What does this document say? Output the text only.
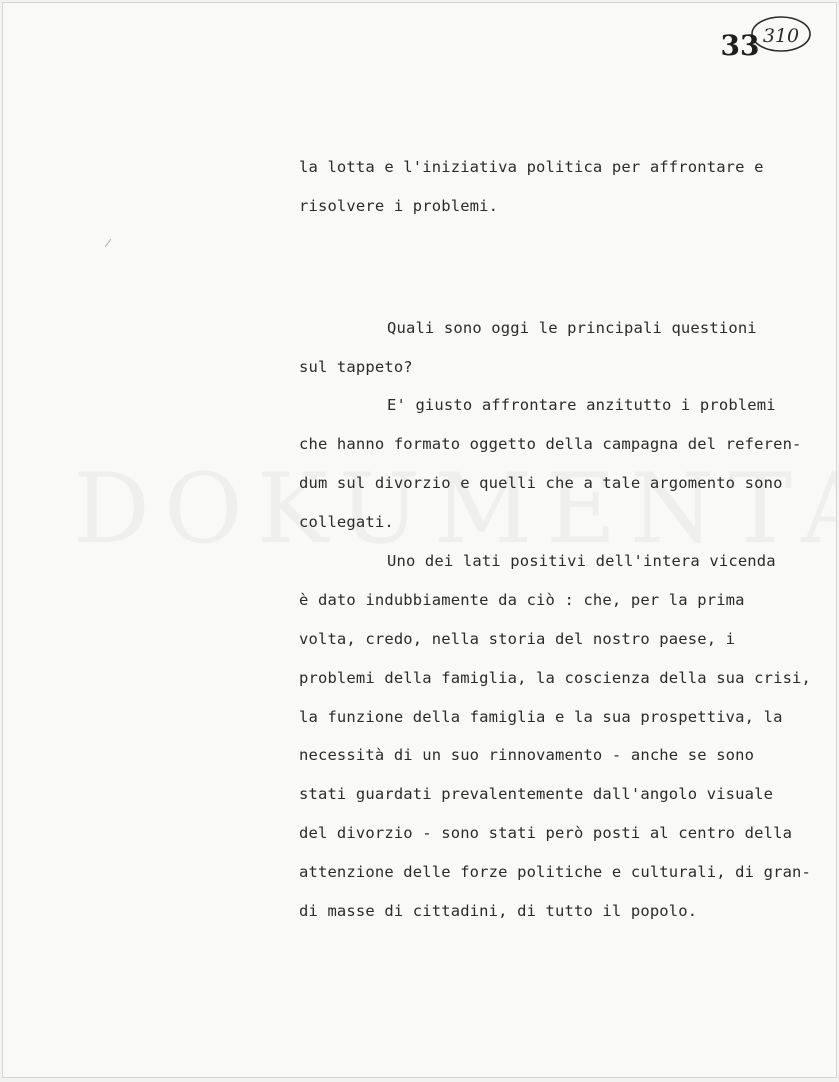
310
33
la lotta e l'iniziativa politica per affrontare e
risolvere i problemi.
Quali sono oggi le principali questioni
sul tappeto?
E' giusto affrontare anzitutto i problemi
che hanno formato oggetto della campagna del referen-
dum sul divorzio e quelli che a tale argomento sono
collegati.
Uno dei lati positivi dell'intera vicenda
è dato indubbiamente da ciò : che, per la prima
volta, credo, nella storia del nostro paese, i
problemi della famiglia, la coscienza della sua crisi,
la funzione della famiglia e la sua prospettiva, la
necessità di un suo rinnovamento - anche se sono
stati guardati prevalentemente dall'angolo visuale
del divorzio - sono stati però posti al centro della
attenzione delle forze politiche e culturali, di gran-
di masse di cittadini, di tutto il popolo.
